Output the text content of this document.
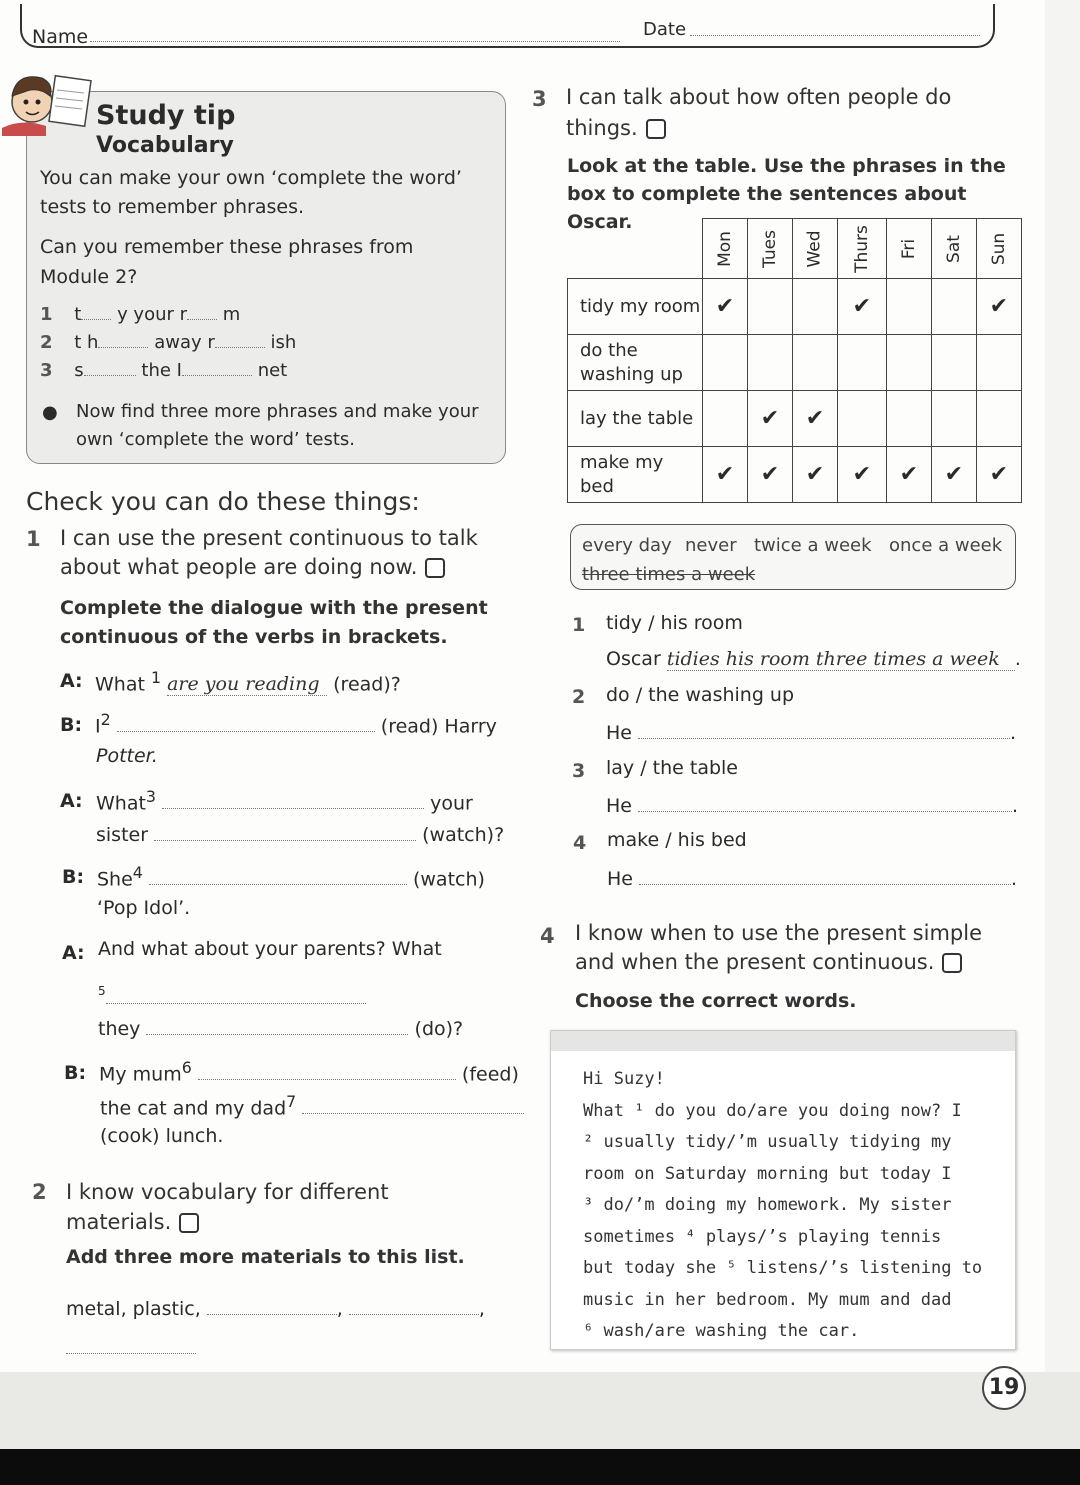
Name	Date
Study tip
Vocabulary
You can make your own ‘complete the word’ tests to remember phrases.
Can you remember these phrases from Module 2?
1 t y your r m
2 t h	away r	ish
3 s	the I	net
● Now find three more phrases and make your own ‘complete the word’ tests.
Check you can do these things:
1 I can use the present continuous to talk about what people are doing now.
Complete the dialogue with the present continuous of the verbs in brackets.
A: What $^1$ are you reading (read)?
B: $I^2$	(read) Harry
Potter.
A: What$^3$	your
sister	(watch)?
B: She$^4$	(watch)
‘Pop Idol’.
A: And what about your parents? What
5
they	(do)?
B: My mum$^6$	(feed)
the cat and my dad$^7$
(cook) lunch.
2 I know vocabulary for different materials.
Add three more materials to this list.
metal, plastic,	,	,
3 I can talk about how often people do things.
Look at the table. Use the phrases in the box to complete the sentences about Oscar.
	Mon	Tues	Wed	Thurs	Fri	Sat	Sun
tidy my room	✔			✔			✔
do the washing up							
lay the table		✔	✔				
make my bed	✔	✔	✔	✔	✔	✔	✔
every day never twice a week once a week
three times a week
1 tidy / his room
Oscar tidies his room three times a week .
2 do / the washing up
He	.
3 lay / the table
He	.
4 make / his bed
He	.
4 I know when to use the present simple and when the present continuous.
Choose the correct words.
Hi Suzy!
What ¹ do you do/are you doing now? I
² usually tidy/’m usually tidying my
room on Saturday morning but today I
³ do/’m doing my homework. My sister
sometimes ⁴ plays/’s playing tennis
but today she ⁵ listens/’s listening to
music in her bedroom. My mum and dad
⁶ wash/are washing the car.
19
